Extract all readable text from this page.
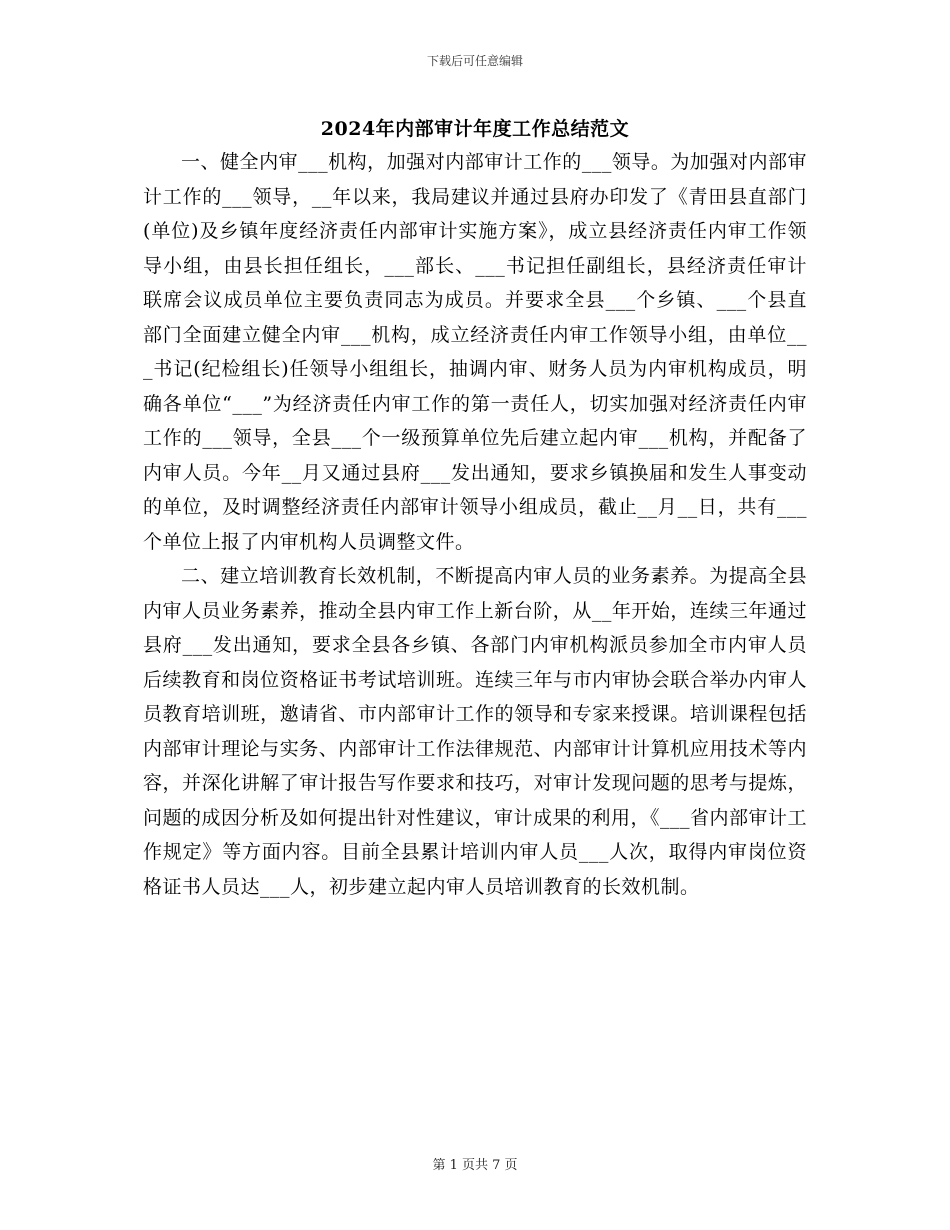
下载后可任意编辑
2024年内部审计年度工作总结范文

一、健全内审___机构，加强对内部审计工作的___领导。为加强对内部审计工作的___领导，__年以来，我局建议并通过县府办印发了《青田县直部门(单位)及乡镇年度经济责任内部审计实施方案》，成立县经济责任内审工作领导小组，由县长担任组长，___部长、___书记担任副组长，县经济责任审计联席会议成员单位主要负责同志为成员。并要求全县___个乡镇、___个县直部门全面建立健全内审___机构，成立经济责任内审工作领导小组，由单位___书记(纪检组长)任领导小组组长，抽调内审、财务人员为内审机构成员，明确各单位“___”为经济责任内审工作的第一责任人，切实加强对经济责任内审工作的___领导，全县___个一级预算单位先后建立起内审___机构，并配备了内审人员。今年__月又通过县府___发出通知，要求乡镇换届和发生人事变动的单位，及时调整经济责任内部审计领导小组成员，截止__月__日，共有___个单位上报了内审机构人员调整文件。

二、建立培训教育长效机制，不断提高内审人员的业务素养。为提高全县内审人员业务素养，推动全县内审工作上新台阶，从__年开始，连续三年通过县府___发出通知，要求全县各乡镇、各部门内审机构派员参加全市内审人员后续教育和岗位资格证书考试培训班。连续三年与市内审协会联合举办内审人员教育培训班，邀请省、市内部审计工作的领导和专家来授课。培训课程包括内部审计理论与实务、内部审计工作法律规范、内部审计计算机应用技术等内容，并深化讲解了审计报告写作要求和技巧，对审计发现问题的思考与提炼，问题的成因分析及如何提出针对性建议，审计成果的利用，《___省内部审计工作规定》等方面内容。目前全县累计培训内审人员___人次，取得内审岗位资格证书人员达___人，初步建立起内审人员培训教育的长效机制。

第 1 页共 7 页
